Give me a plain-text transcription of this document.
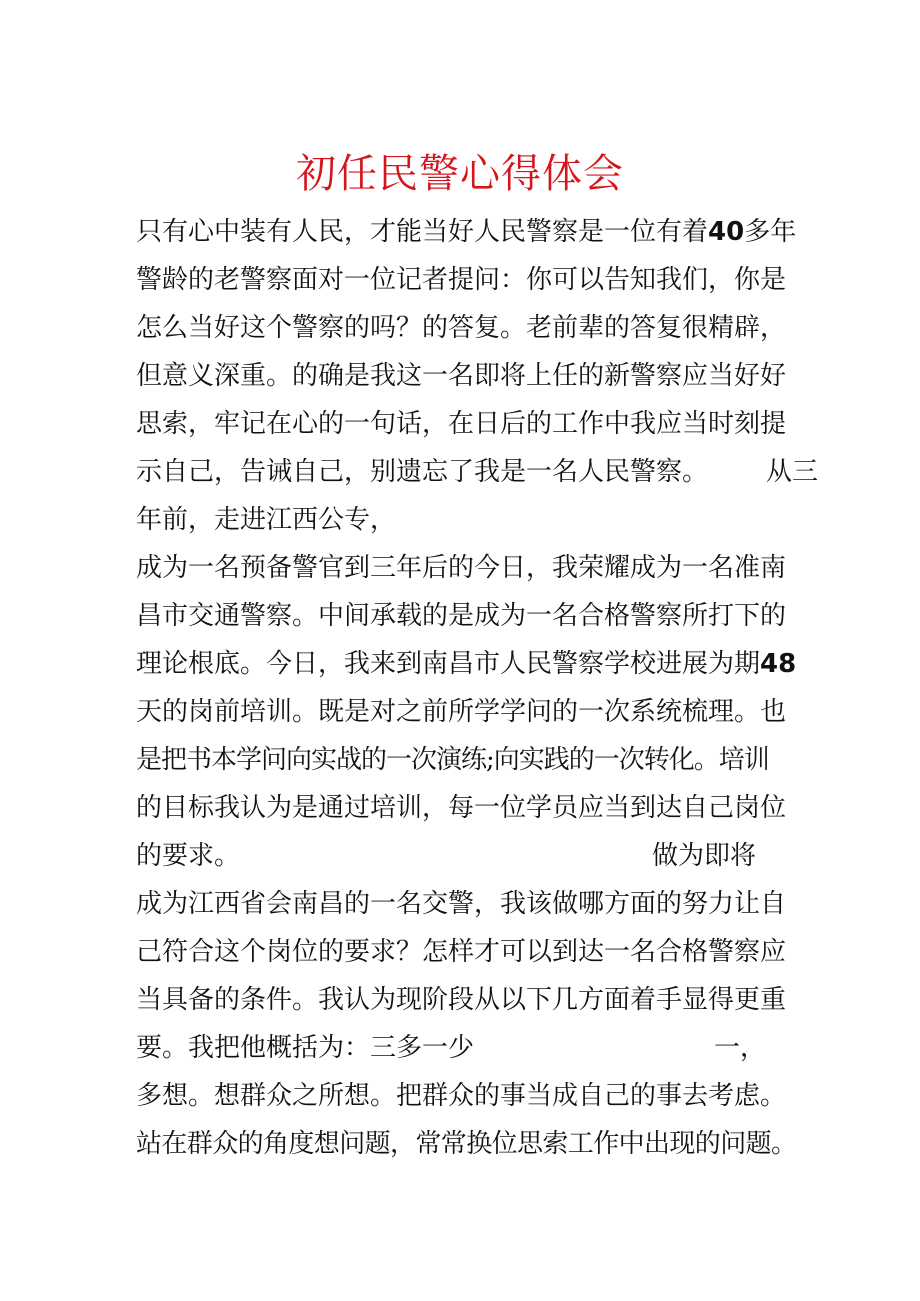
初任民警心得体会
只有心中装有人民，才能当好人民警察是一位有着40多年
警龄的老警察面对一位记者提问：你可以告知我们，你是
怎么当好这个警察的吗？的答复。老前辈的答复很精辟，
但意义深重。的确是我这一名即将上任的新警察应当好好
思索，牢记在心的一句话，在日后的工作中我应当时刻提
示自己，告诫自己，别遗忘了我是一名人民警察。 从三
年前，走进江西公专，
成为一名预备警官到三年后的今日，我荣耀成为一名准南
昌市交通警察。中间承载的是成为一名合格警察所打下的
理论根底。今日，我来到南昌市人民警察学校进展为期48
天的岗前培训。既是对之前所学学问的一次系统梳理。也
是把书本学问向实战的一次演练;向实践的一次转化。培训
的目标我认为是通过培训，每一位学员应当到达自己岗位
的要求。	做为即将
成为江西省会南昌的一名交警，我该做哪方面的努力让自
己符合这个岗位的要求？怎样才可以到达一名合格警察应
当具备的条件。我认为现阶段从以下几方面着手显得更重
要。我把他概括为：三多一少	一，
多想。想群众之所想。把群众的事当成自己的事去考虑。
站在群众的角度想问题，常常换位思索工作中出现的问题。
